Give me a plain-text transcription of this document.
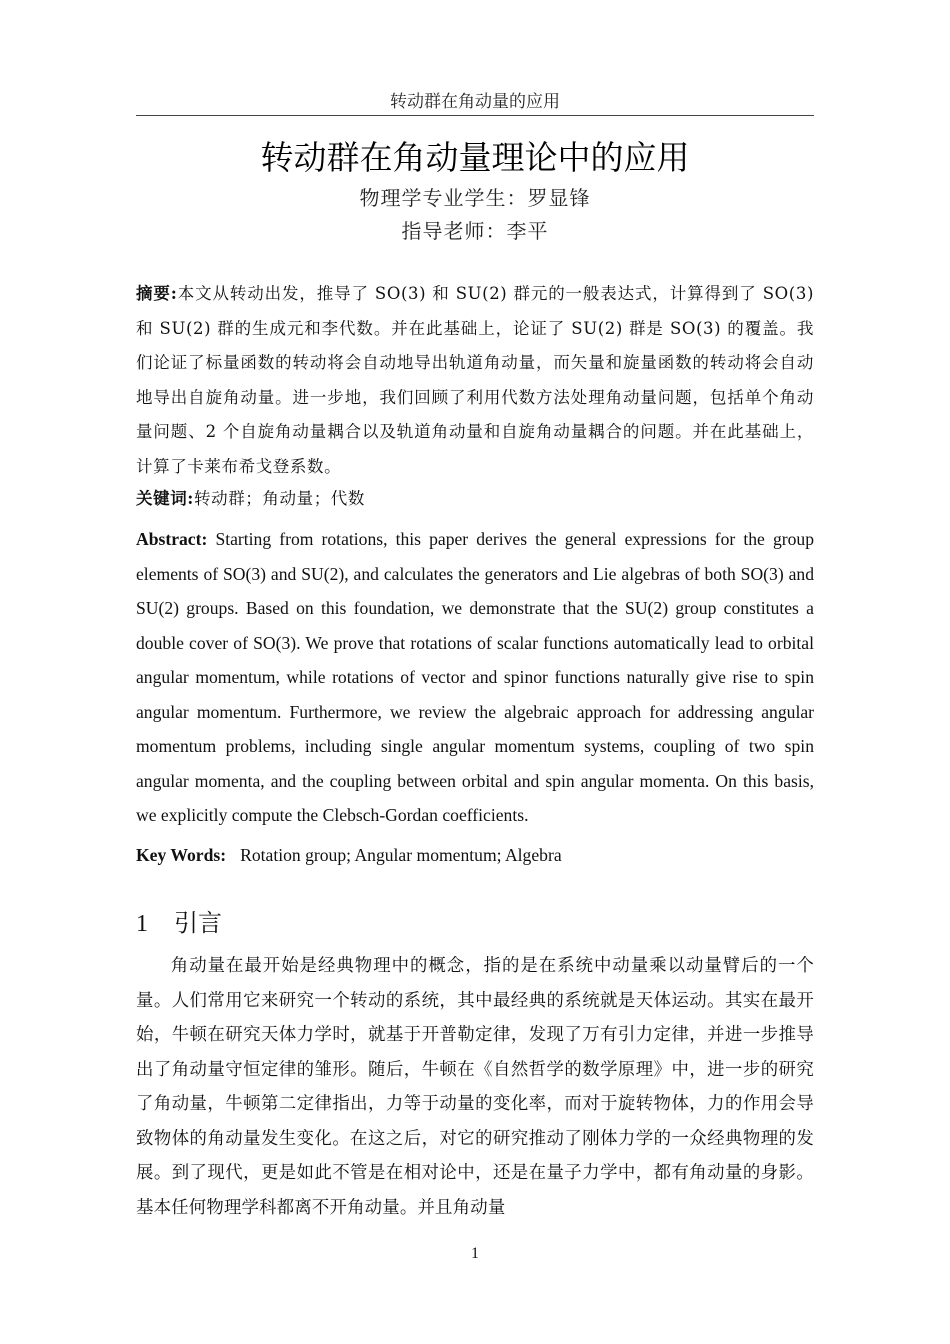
转动群在角动量的应用
转动群在角动量理论中的应用
物理学专业学生：罗显锋
指导老师：李平

摘要:本文从转动出发，推导了 SO(3) 和 SU(2) 群元的一般表达式，计算得到了 SO(3) 和 SU(2) 群的生成元和李代数。并在此基础上，论证了 SU(2) 群是 SO(3) 的覆盖。我们论证了标量函数的转动将会自动地导出轨道角动量，而矢量和旋量函数的转动将会自动地导出自旋角动量。进一步地，我们回顾了利用代数方法处理角动量问题，包括单个角动量问题、2 个自旋角动量耦合以及轨道角动量和自旋角动量耦合的问题。并在此基础上，计算了卡莱布希戈登系数。

关键词:转动群；角动量；代数

Abstract: Starting from rotations, this paper derives the general expressions for the group elements of SO(3) and SU(2), and calculates the generators and Lie algebras of both SO(3) and SU(2) groups. Based on this foundation, we demonstrate that the SU(2) group constitutes a double cover of SO(3). We prove that rotations of scalar functions automatically lead to orbital angular momentum, while rotations of vector and spinor functions naturally give rise to spin angular momentum. Furthermore, we review the algebraic approach for addressing angular momentum problems, including single angular momentum systems, coupling of two spin angular momenta, and the coupling between orbital and spin angular momenta. On this basis, we explicitly compute the Clebsch-Gordan coefficients.

Key Words: Rotation group; Angular momentum; Algebra

1 引言

角动量在最开始是经典物理中的概念，指的是在系统中动量乘以动量臂后的一个量。人们常用它来研究一个转动的系统，其中最经典的系统就是天体运动。其实在最开始，牛顿在研究天体力学时，就基于开普勒定律，发现了万有引力定律，并进一步推导出了角动量守恒定律的雏形。随后，牛顿在《自然哲学的数学原理》中，进一步的研究了角动量，牛顿第二定律指出，力等于动量的变化率，而对于旋转物体，力的作用会导致物体的角动量发生变化。在这之后，对它的研究推动了刚体力学的一众经典物理的发展。到了现代，更是如此不管是在相对论中，还是在量子力学中，都有角动量的身影。基本任何物理学科都离不开角动量。并且角动量

1
